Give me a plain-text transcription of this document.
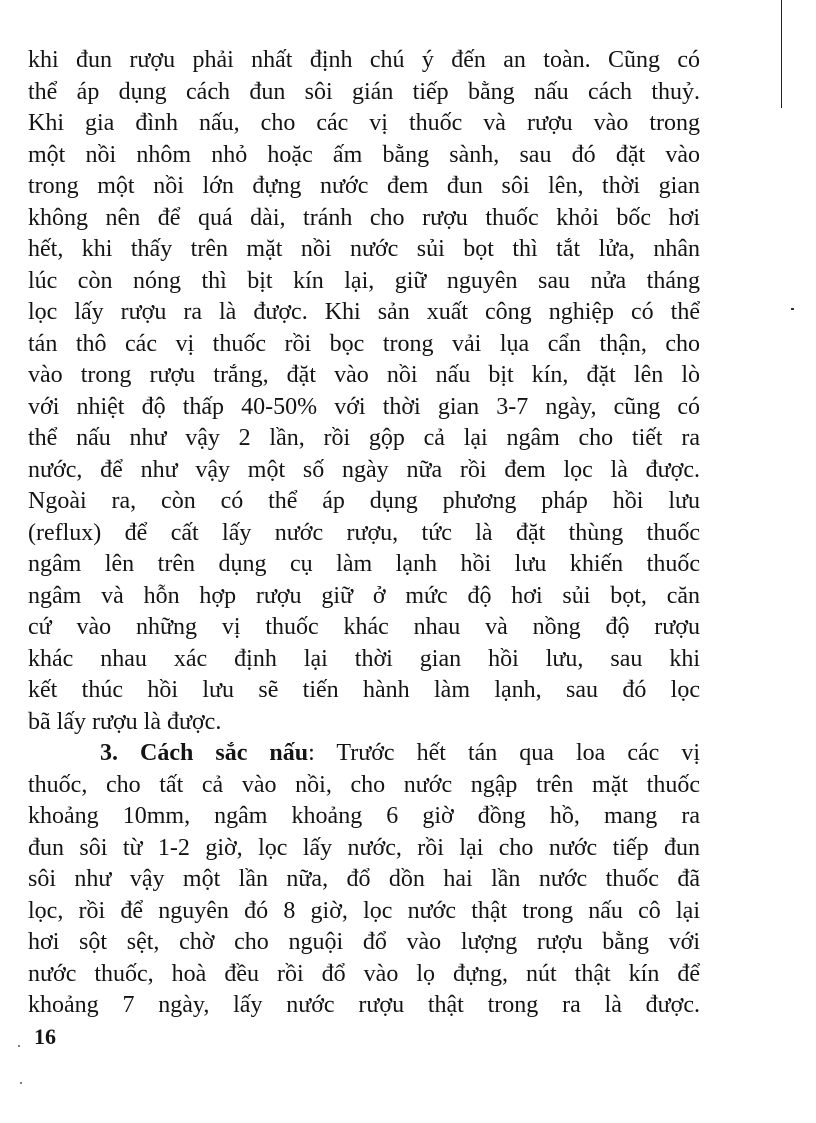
khi đun rượu phải nhất định chú ý đến an toàn. Cũng có
thể áp dụng cách đun sôi gián tiếp bằng nấu cách thuỷ.
Khi gia đình nấu, cho các vị thuốc và rượu vào trong
một nồi nhôm nhỏ hoặc ấm bằng sành, sau đó đặt vào
trong một nồi lớn đựng nước đem đun sôi lên, thời gian
không nên để quá dài, tránh cho rượu thuốc khỏi bốc hơi
hết, khi thấy trên mặt nồi nước sủi bọt thì tắt lửa, nhân
lúc còn nóng thì bịt kín lại, giữ nguyên sau nửa tháng
lọc lấy rượu ra là được. Khi sản xuất công nghiệp có thể
tán thô các vị thuốc rồi bọc trong vải lụa cẩn thận, cho
vào trong rượu trắng, đặt vào nồi nấu bịt kín, đặt lên lò
với nhiệt độ thấp 40-50% với thời gian 3-7 ngày, cũng có
thể nấu như vậy 2 lần, rồi gộp cả lại ngâm cho tiết ra
nước, để như vậy một số ngày nữa rồi đem lọc là được.
Ngoài ra, còn có thể áp dụng phương pháp hồi lưu
(reflux) để cất lấy nước rượu, tức là đặt thùng thuốc
ngâm lên trên dụng cụ làm lạnh hồi lưu khiến thuốc
ngâm và hỗn hợp rượu giữ ở mức độ hơi sủi bọt, căn
cứ vào những vị thuốc khác nhau và nồng độ rượu
khác nhau xác định lại thời gian hồi lưu, sau khi
kết thúc hồi lưu sẽ tiến hành làm lạnh, sau đó lọc
bã lấy rượu là được.
3. Cách sắc nấu: Trước hết tán qua loa các vị
thuốc, cho tất cả vào nồi, cho nước ngập trên mặt thuốc
khoảng 10mm, ngâm khoảng 6 giờ đồng hồ, mang ra
đun sôi từ 1-2 giờ, lọc lấy nước, rồi lại cho nước tiếp đun
sôi như vậy một lần nữa, đổ dồn hai lần nước thuốc đã
lọc, rồi để nguyên đó 8 giờ, lọc nước thật trong nấu cô lại
hơi sột sệt, chờ cho nguội đổ vào lượng rượu bằng với
nước thuốc, hoà đều rồi đổ vào lọ đựng, nút thật kín để
khoảng 7 ngày, lấy nước rượu thật trong ra là được.
16
